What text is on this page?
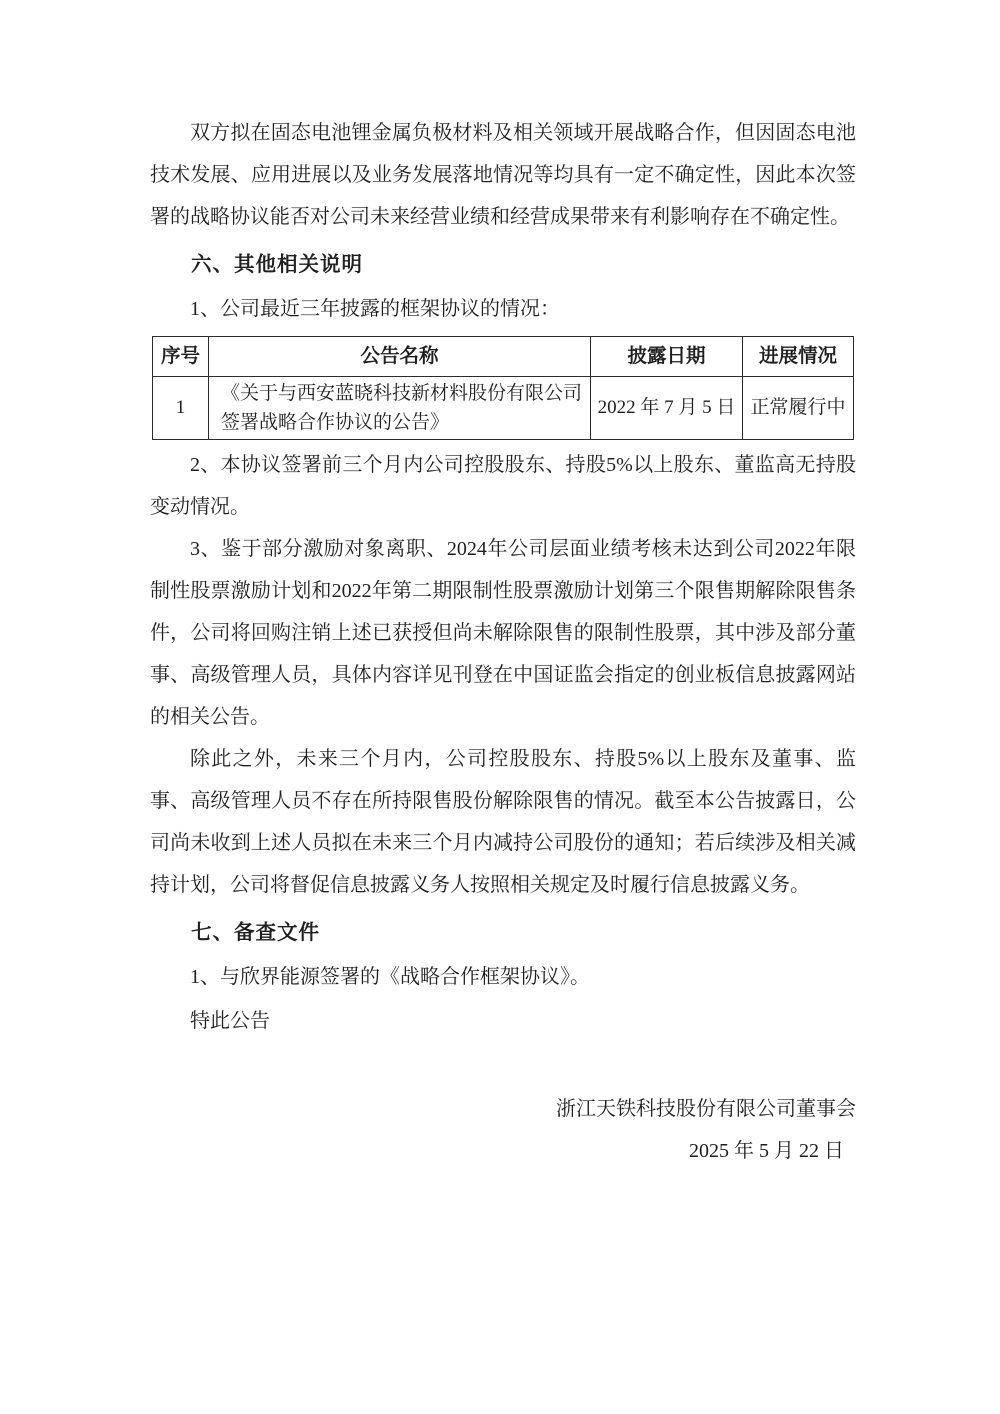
双方拟在固态电池锂金属负极材料及相关领域开展战略合作，但因固态电池技术发展、应用进展以及业务发展落地情况等均具有一定不确定性，因此本次签署的战略协议能否对公司未来经营业绩和经营成果带来有利影响存在不确定性。

六、其他相关说明

1、公司最近三年披露的框架协议的情况：

序号	公告名称	披露日期	进展情况
1	《关于与西安蓝晓科技新材料股份有限公司签署战略合作协议的公告》	2022 年 7 月 5 日	正常履行中

2、本协议签署前三个月内公司控股股东、持股5%以上股东、董监高无持股变动情况。

3、鉴于部分激励对象离职、2024年公司层面业绩考核未达到公司2022年限制性股票激励计划和2022年第二期限制性股票激励计划第三个限售期解除限售条件，公司将回购注销上述已获授但尚未解除限售的限制性股票，其中涉及部分董事、高级管理人员，具体内容详见刊登在中国证监会指定的创业板信息披露网站的相关公告。

除此之外，未来三个月内，公司控股股东、持股5%以上股东及董事、监事、高级管理人员不存在所持限售股份解除限售的情况。截至本公告披露日，公司尚未收到上述人员拟在未来三个月内减持公司股份的通知；若后续涉及相关减持计划，公司将督促信息披露义务人按照相关规定及时履行信息披露义务。

七、备查文件

1、与欣界能源签署的《战略合作框架协议》。

特此公告

浙江天铁科技股份有限公司董事会
2025 年 5 月 22 日
